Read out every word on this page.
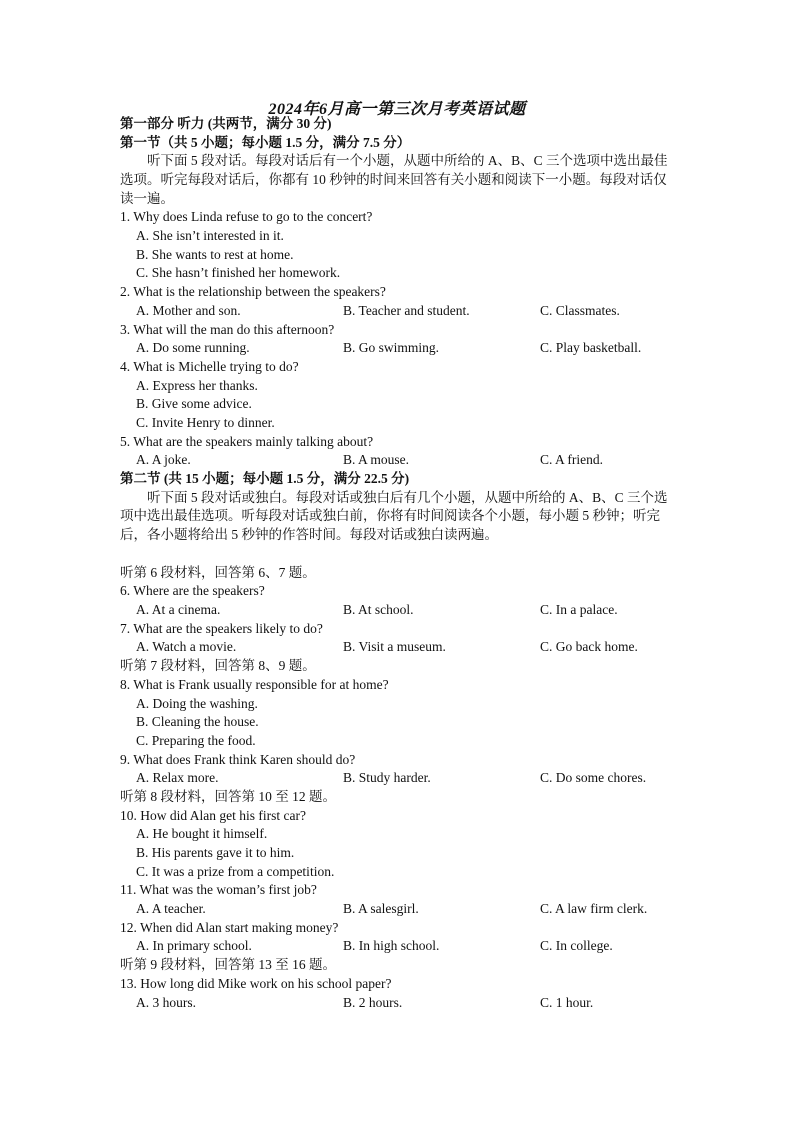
2024年6月高一第三次月考英语试题
第一部分 听力 (共两节，满分 30 分)
第一节（共 5 小题；每小题 1.5 分，满分 7.5 分）
听下面 5 段对话。每段对话后有一个小题，从题中所给的 A、B、C 三个选项中选出最佳选项。听完每段对话后，你都有 10 秒钟的时间来回答有关小题和阅读下一小题。每段对话仅读一遍。
1. Why does Linda refuse to go to the concert?
A. She isn’t interested in it.
B. She wants to rest at home.
C. She hasn’t finished her homework.
2. What is the relationship between the speakers?
A. Mother and son.	B. Teacher and student.	C. Classmates.
3. What will the man do this afternoon?
A. Do some running.	B. Go swimming.	C. Play basketball.
4. What is Michelle trying to do?
A. Express her thanks.
B. Give some advice.
C. Invite Henry to dinner.
5. What are the speakers mainly talking about?
A. A joke.	B. A mouse.	C. A friend.
第二节 (共 15 小题；每小题 1.5 分，满分 22.5 分)
听下面 5 段对话或独白。每段对话或独白后有几个小题，从题中所给的 A、B、C 三个选项中选出最佳选项。听每段对话或独白前，你将有时间阅读各个小题，每小题 5 秒钟；听完后，各小题将给出 5 秒钟的作答时间。每段对话或独白读两遍。
听第 6 段材料，回答第 6、7 题。
6. Where are the speakers?
A. At a cinema.	B. At school.	C. In a palace.
7. What are the speakers likely to do?
A. Watch a movie.	B. Visit a museum.	C. Go back home.
听第 7 段材料，回答第 8、9 题。
8. What is Frank usually responsible for at home?
A. Doing the washing.
B. Cleaning the house.
C. Preparing the food.
9. What does Frank think Karen should do?
A. Relax more.	B. Study harder.	C. Do some chores.
听第 8 段材料，回答第 10 至 12 题。
10. How did Alan get his first car?
A. He bought it himself.
B. His parents gave it to him.
C. It was a prize from a competition.
11. What was the woman’s first job?
A. A teacher.	B. A salesgirl.	C. A law firm clerk.
12. When did Alan start making money?
A. In primary school.	B. In high school.	C. In college.
听第 9 段材料，回答第 13 至 16 题。
13. How long did Mike work on his school paper?
A. 3 hours.	B. 2 hours.	C. 1 hour.
